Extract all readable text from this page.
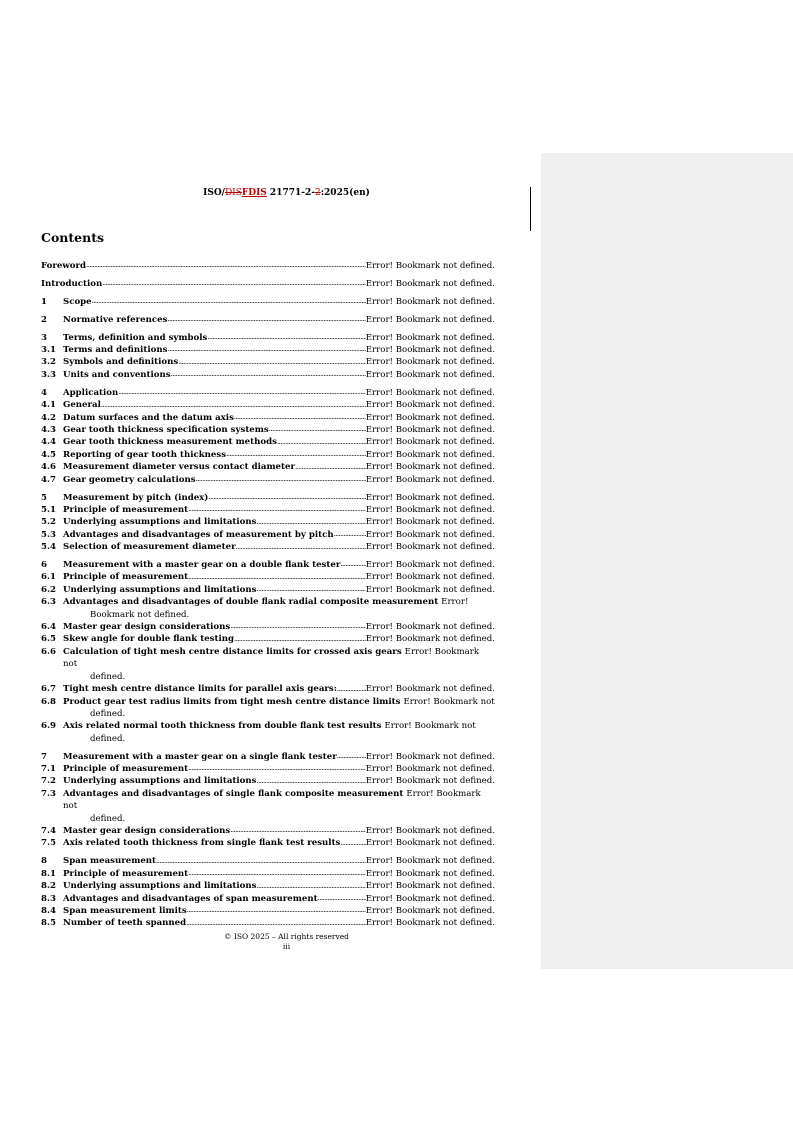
ISO/DISFDIS 21771-2-2:2025(en)
Contents
Foreword .....	Error! Bookmark not defined.
Introduction .....	Error! Bookmark not defined.
1	Scope .....	Error! Bookmark not defined.
2	Normative references .....	Error! Bookmark not defined.
3	Terms, definition and symbols .....	Error! Bookmark not defined.
3.1 Terms and definitions .....	Error! Bookmark not defined.
3.2 Symbols and definitions .....	Error! Bookmark not defined.
3.3 Units and conventions .....	Error! Bookmark not defined.
4	Application .....	Error! Bookmark not defined.
4.1 General .....	Error! Bookmark not defined.
4.2 Datum surfaces and the datum axis .....	Error! Bookmark not defined.
4.3 Gear tooth thickness specification systems .....	Error! Bookmark not defined.
4.4 Gear tooth thickness measurement methods .....	Error! Bookmark not defined.
4.5 Reporting of gear tooth thickness .....	Error! Bookmark not defined.
4.6 Measurement diameter versus contact diameter .....	Error! Bookmark not defined.
4.7 Gear geometry calculations .....	Error! Bookmark not defined.
5	Measurement by pitch (index) .....	Error! Bookmark not defined.
5.1 Principle of measurement .....	Error! Bookmark not defined.
5.2 Underlying assumptions and limitations .....	Error! Bookmark not defined.
5.3 Advantages and disadvantages of measurement by pitch .....	Error! Bookmark not defined.
5.4 Selection of measurement diameter .....	Error! Bookmark not defined.
6	Measurement with a master gear on a double flank tester .....	Error! Bookmark not defined.
6.1 Principle of measurement .....	Error! Bookmark not defined.
6.2 Underlying assumptions and limitations .....	Error! Bookmark not defined.
6.3 Advantages and disadvantages of double flank radial composite measurement Error!
Bookmark not defined.
6.4 Master gear design considerations .....	Error! Bookmark not defined.
6.5 Skew angle for double flank testing .....	Error! Bookmark not defined.
6.6 Calculation of tight mesh centre distance limits for crossed axis gears Error! Bookmark not
defined.
6.7 Tight mesh centre distance limits for parallel axis gears: .....	Error! Bookmark not defined.
6.8 Product gear test radius limits from tight mesh centre distance limits Error! Bookmark not
defined.
6.9 Axis related normal tooth thickness from double flank test results Error! Bookmark not
defined.
7	Measurement with a master gear on a single flank tester .....	Error! Bookmark not defined.
7.1 Principle of measurement .....	Error! Bookmark not defined.
7.2 Underlying assumptions and limitations .....	Error! Bookmark not defined.
7.3 Advantages and disadvantages of single flank composite measurement Error! Bookmark not
defined.
7.4 Master gear design considerations .....	Error! Bookmark not defined.
7.5 Axis related tooth thickness from single flank test results .....	Error! Bookmark not defined.
8	Span measurement .....	Error! Bookmark not defined.
8.1 Principle of measurement .....	Error! Bookmark not defined.
8.2 Underlying assumptions and limitations .....	Error! Bookmark not defined.
8.3 Advantages and disadvantages of span measurement .....	Error! Bookmark not defined.
8.4 Span measurement limits .....	Error! Bookmark not defined.
8.5 Number of teeth spanned .....	Error! Bookmark not defined.
© ISO 2025 – All rights reserved
iii
